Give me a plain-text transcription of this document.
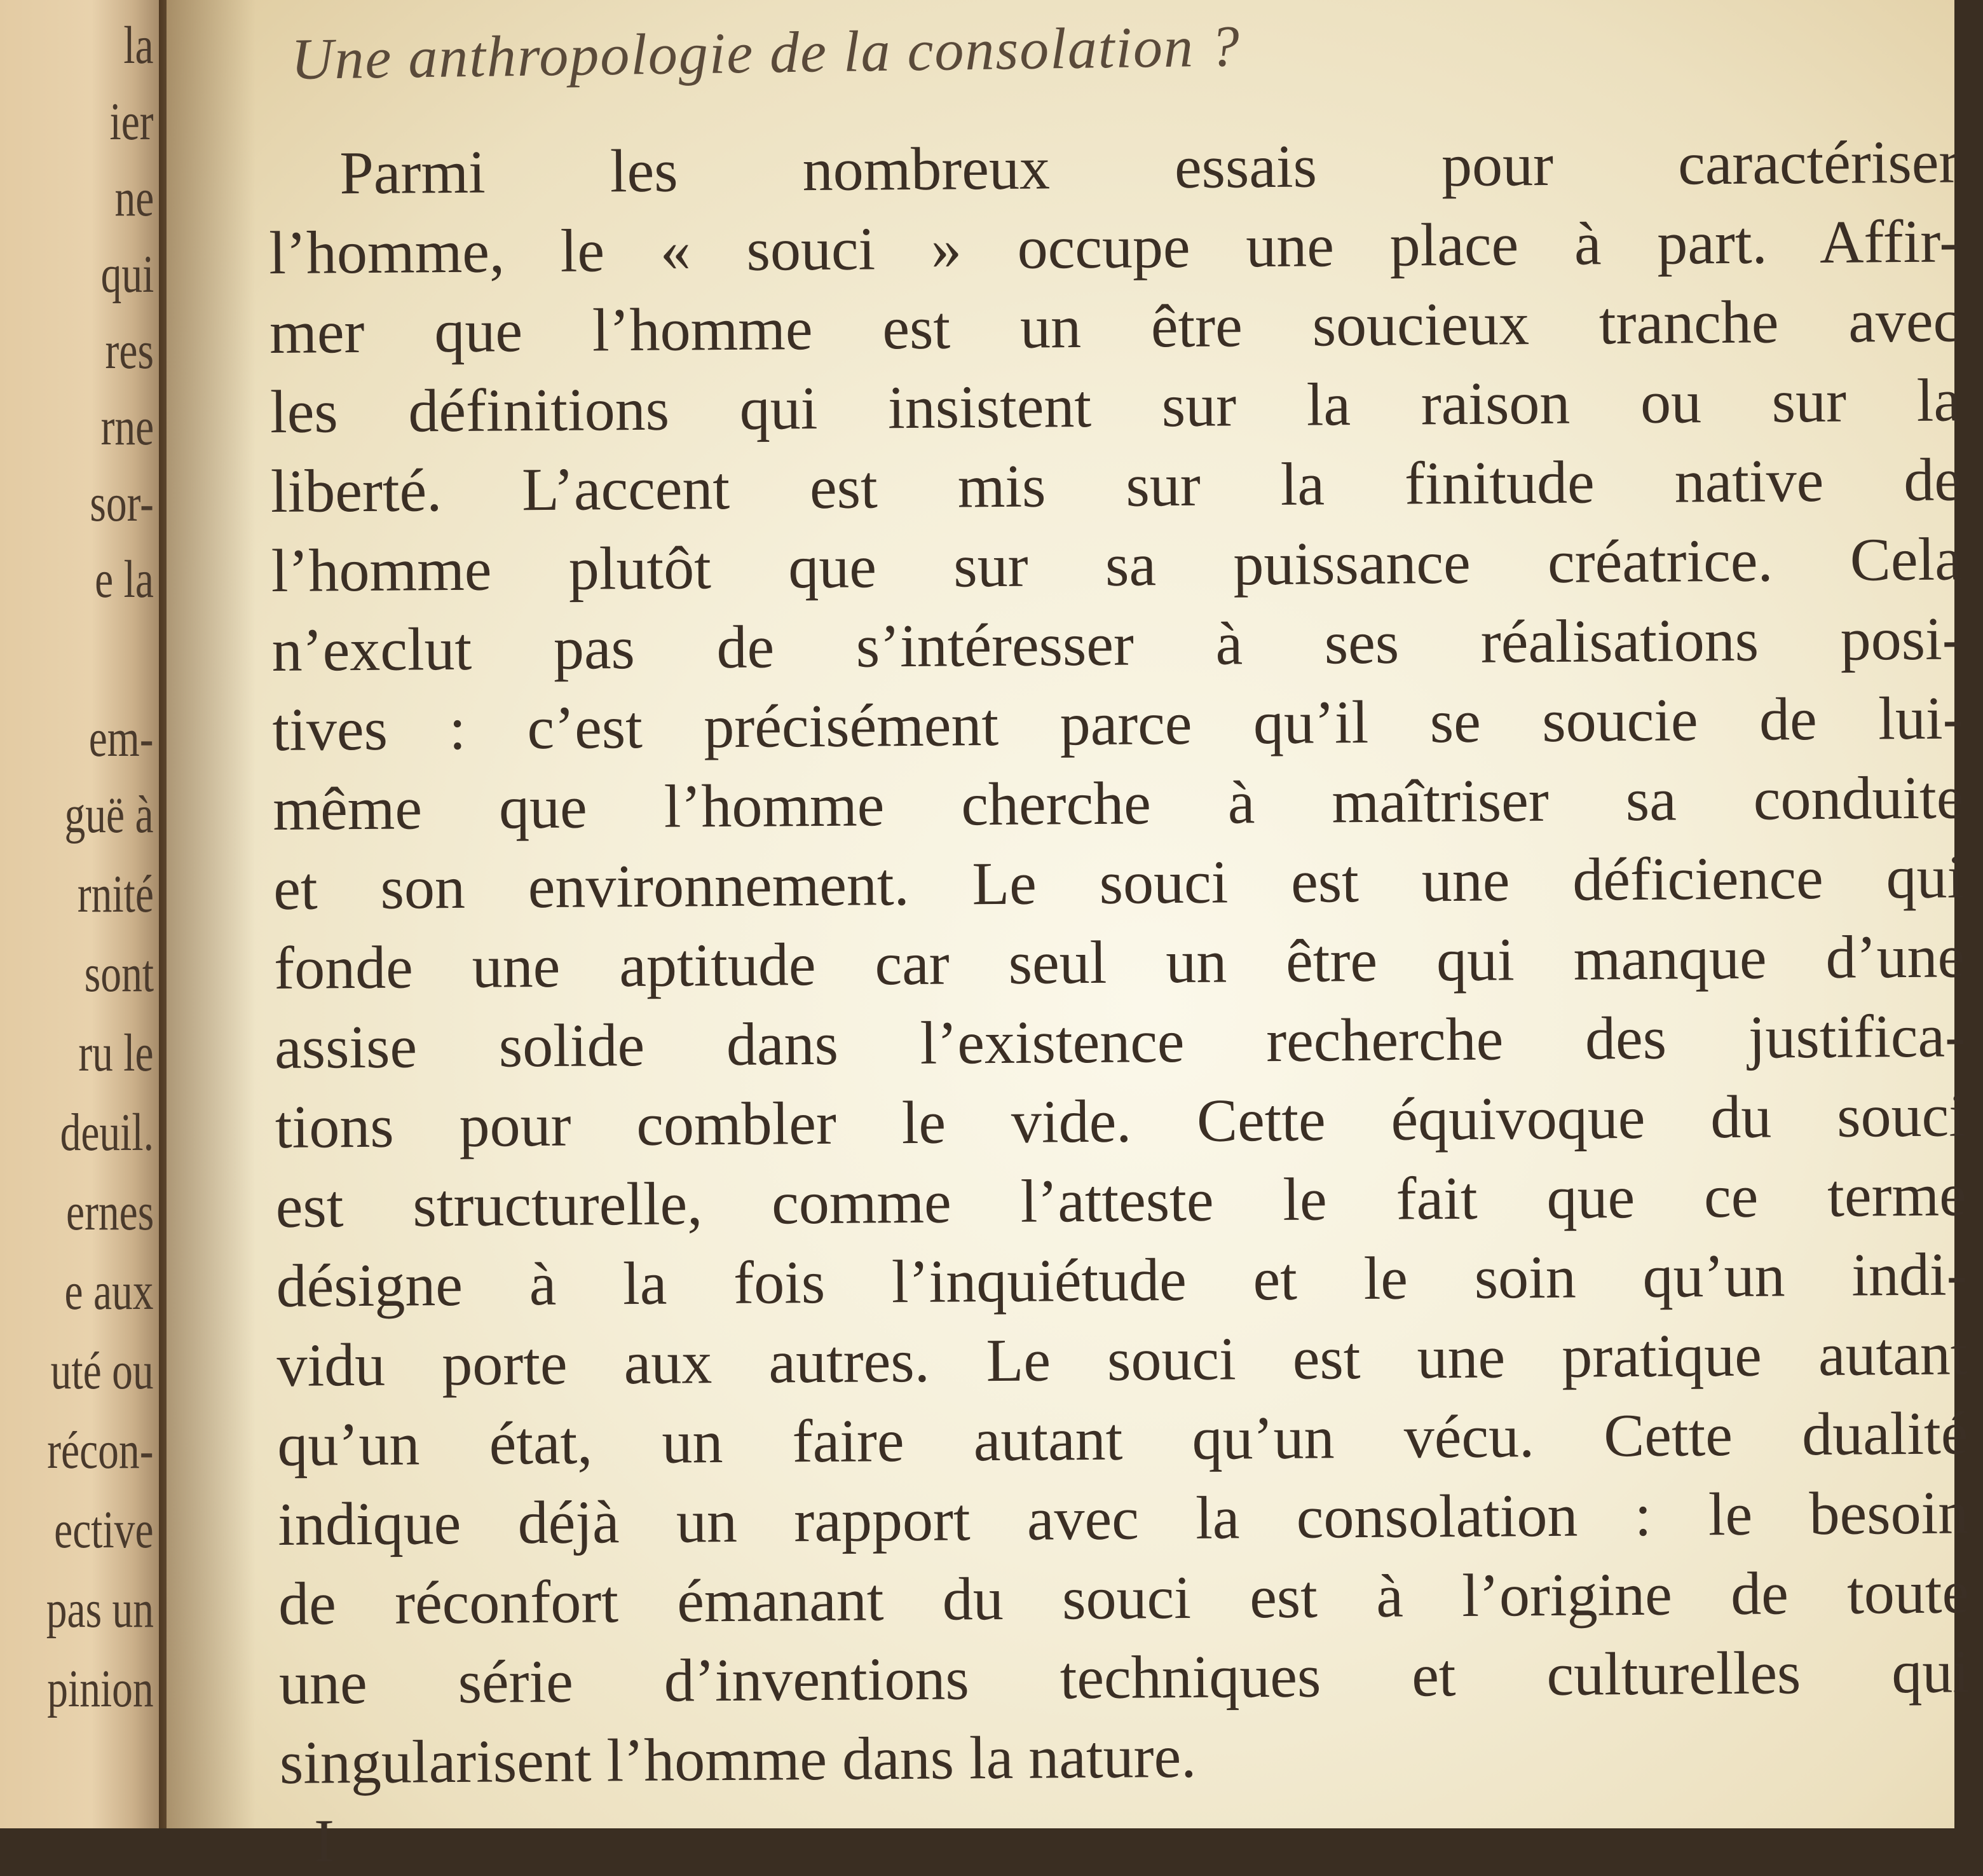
la
ier
ne
qui
res
rne
sor-
e la
em-
guë à
rnité
sont
ru le
deuil.
ernes
e aux
uté ou
récon-
ective
pas un
pinion
Une anthropologie de la consolation ?
Parmi les nombreux essais pour caractériser
l’homme, le « souci » occupe une place à part. Affir-
mer que l’homme est un être soucieux tranche avec
les définitions qui insistent sur la raison ou sur la
liberté. L’accent est mis sur la finitude native de
l’homme plutôt que sur sa puissance créatrice. Cela
n’exclut pas de s’intéresser à ses réalisations posi-
tives : c’est précisément parce qu’il se soucie de lui-
même que l’homme cherche à maîtriser sa conduite
et son environnement. Le souci est une déficience qui
fonde une aptitude car seul un être qui manque d’une
assise solide dans l’existence recherche des justifica-
tions pour combler le vide. Cette équivoque du souci
est structurelle, comme l’atteste le fait que ce terme
désigne à la fois l’inquiétude et le soin qu’un indi-
vidu porte aux autres. Le souci est une pratique autant
qu’un état, un faire autant qu’un vécu. Cette dualité
indique déjà un rapport avec la consolation : le besoin
de réconfort émanant du souci est à l’origine de toute
une série d’inventions techniques et culturelles qui
singularisent l’homme dans la nature.
I
